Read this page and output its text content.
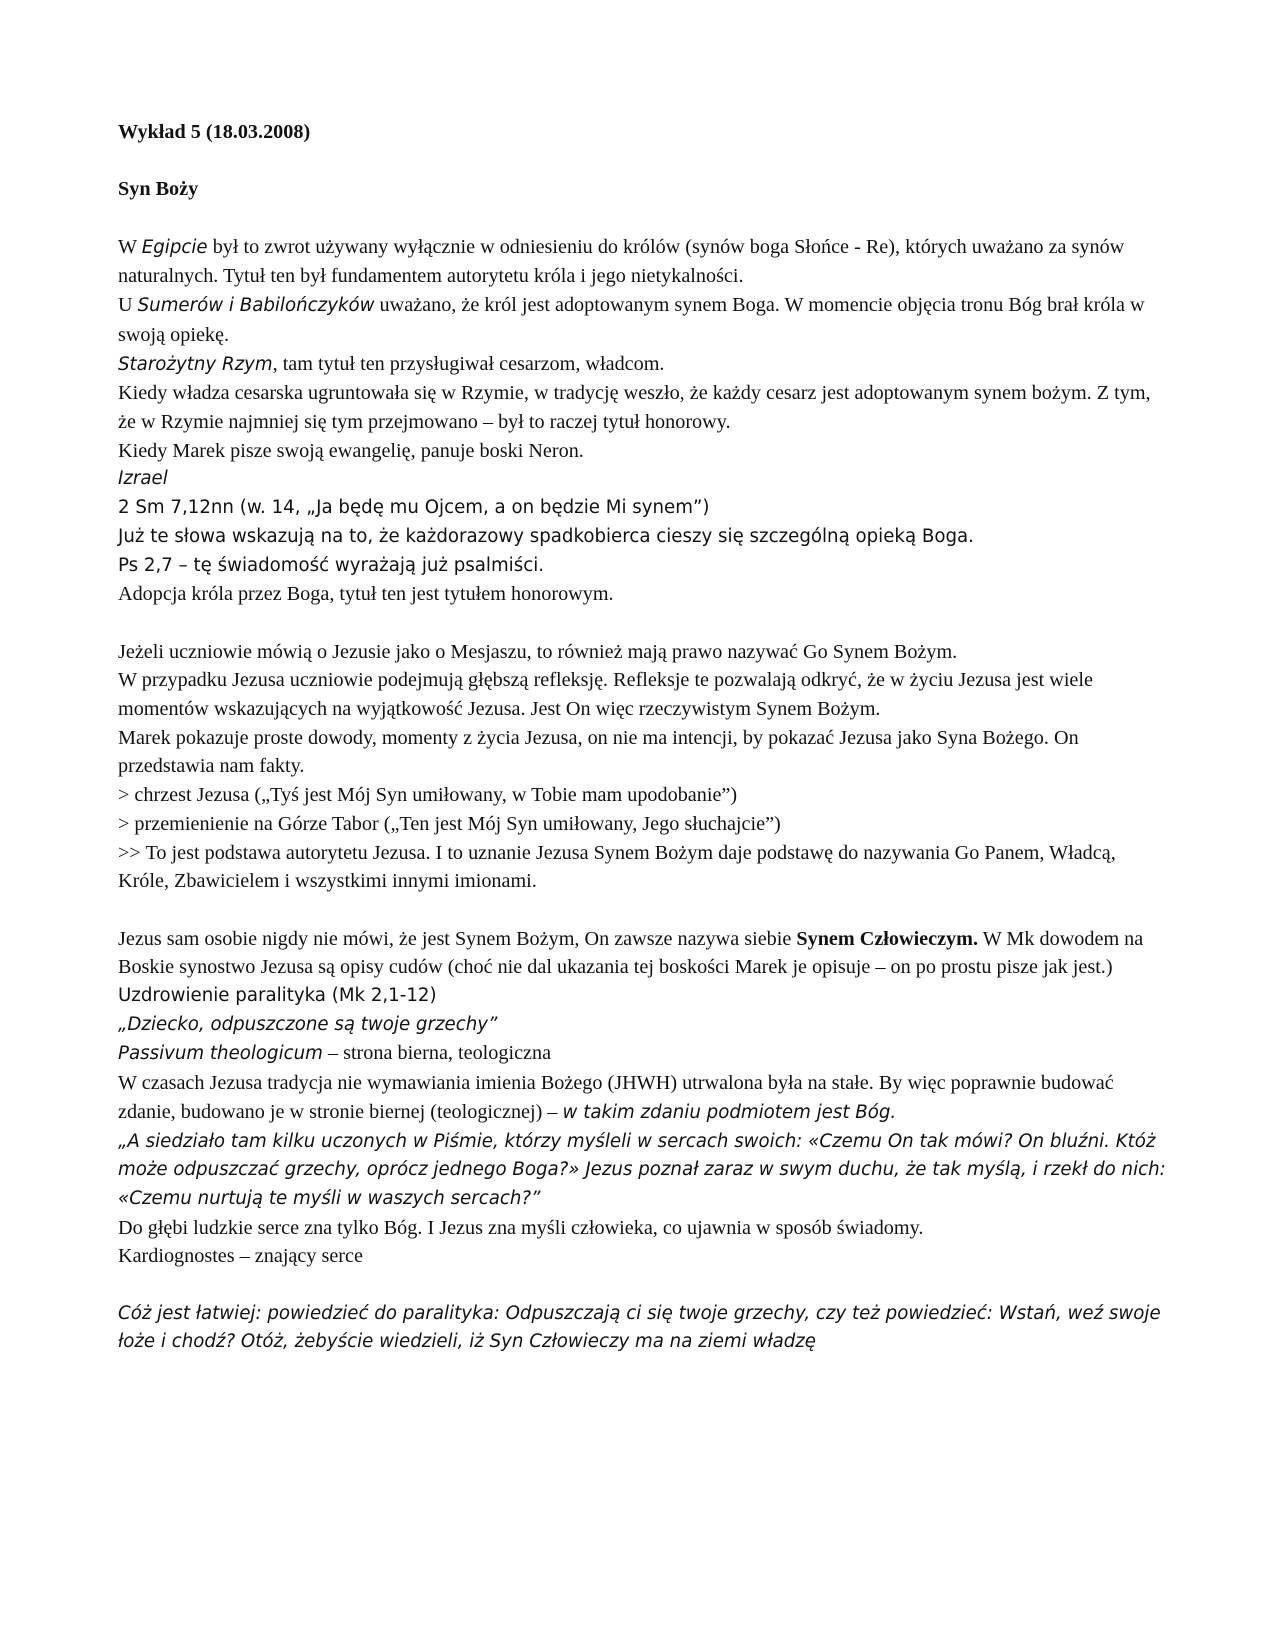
Wykład 5 (18.03.2008)

Syn Boży

W Egipcie był to zwrot używany wyłącznie w odniesieniu do królów (synów boga Słońce - Re), których uważano za synów naturalnych. Tytuł ten był fundamentem autorytetu króla i jego nietykalności.

U Sumerów i Babilończyków uważano, że król jest adoptowanym synem Boga. W momencie objęcia tronu Bóg brał króla w swoją opiekę.

Starożytny Rzym, tam tytuł ten przysługiwał cesarzom, władcom.

Kiedy władza cesarska ugruntowała się w Rzymie, w tradycję weszło, że każdy cesarz jest adoptowanym synem bożym. Z tym, że w Rzymie najmniej się tym przejmowano – był to raczej tytuł honorowy.

Kiedy Marek pisze swoją ewangelię, panuje boski Neron.

Izrael

2 Sm 7,12nn (w. 14, „Ja będę mu Ojcem, a on będzie Mi synem”)

Już te słowa wskazują na to, że każdorazowy spadkobierca cieszy się szczególną opieką Boga.

Ps 2,7 – tę świadomość wyrażają już psalmiści.

Adopcja króla przez Boga, tytuł ten jest tytułem honorowym.

Jeżeli uczniowie mówią o Jezusie jako o Mesjaszu, to również mają prawo nazywać Go Synem Bożym.

W przypadku Jezusa uczniowie podejmują głębszą refleksję. Refleksje te pozwalają odkryć, że w życiu Jezusa jest wiele momentów wskazujących na wyjątkowość Jezusa. Jest On więc rzeczywistym Synem Bożym.

Marek pokazuje proste dowody, momenty z życia Jezusa, on nie ma intencji, by pokazać Jezusa jako Syna Bożego. On przedstawia nam fakty.

> chrzest Jezusa („Tyś jest Mój Syn umiłowany, w Tobie mam upodobanie”)

> przemienienie na Górze Tabor („Ten jest Mój Syn umiłowany, Jego słuchajcie”)

>> To jest podstawa autorytetu Jezusa. I to uznanie Jezusa Synem Bożym daje podstawę do nazywania Go Panem, Władcą, Króle, Zbawicielem i wszystkimi innymi imionami.

Jezus sam osobie nigdy nie mówi, że jest Synem Bożym, On zawsze nazywa siebie Synem Człowieczym. W Mk dowodem na Boskie synostwo Jezusa są opisy cudów (choć nie dal ukazania tej boskości Marek je opisuje – on po prostu pisze jak jest.)

Uzdrowienie paralityka (Mk 2,1-12)

„Dziecko, odpuszczone są twoje grzechy”

Passivum theologicum – strona bierna, teologiczna

W czasach Jezusa tradycja nie wymawiania imienia Bożego (JHWH) utrwalona była na stałe. By więc poprawnie budować zdanie, budowano je w stronie biernej (teologicznej) – w takim zdaniu podmiotem jest Bóg.

„A siedziało tam kilku uczonych w Piśmie, którzy myśleli w sercach swoich: «Czemu On tak mówi? On bluźni. Któż może odpuszczać grzechy, oprócz jednego Boga?» Jezus poznał zaraz w swym duchu, że tak myślą, i rzekł do nich: «Czemu nurtują te myśli w waszych sercach?”

Do głębi ludzkie serce zna tylko Bóg. I Jezus zna myśli człowieka, co ujawnia w sposób świadomy.

Kardiognostes – znający serce

Cóż jest łatwiej: powiedzieć do paralityka: Odpuszczają ci się twoje grzechy, czy też powiedzieć: Wstań, weź swoje łoże i chodź? Otóż, żebyście wiedzieli, iż Syn Człowieczy ma na ziemi władzę
